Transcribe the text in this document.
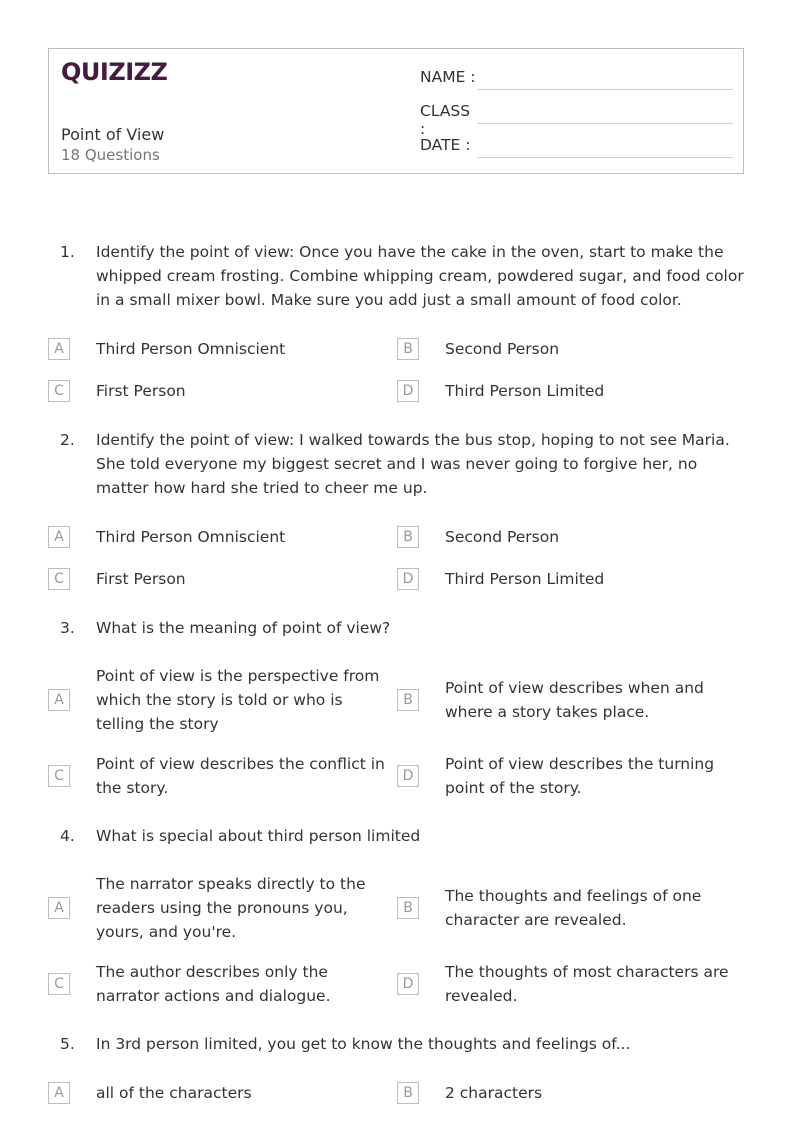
QUIZIZZ
Point of View
18 Questions
NAME :
CLASS :
DATE :
1. Identify the point of view: Once you have the cake in the oven, start to make the whipped cream frosting. Combine whipping cream, powdered sugar, and food color in a small mixer bowl. Make sure you add just a small amount of food color.
A	Third Person Omniscient	B	Second Person
C	First Person	D	Third Person Limited
2. Identify the point of view: I walked towards the bus stop, hoping to not see Maria. She told everyone my biggest secret and I was never going to forgive her, no matter how hard she tried to cheer me up.
A	Third Person Omniscient	B	Second Person
C	First Person	D	Third Person Limited
3. What is the meaning of point of view?
A
Point of view is the perspective from which the story is told or who is telling the story
B
Point of view describes when and where a story takes place.
C
Point of view describes the conflict in the story.
D
Point of view describes the turning point of the story.
4. What is special about third person limited
A
The narrator speaks directly to the readers using the pronouns you, yours, and you're.
B
The thoughts and feelings of one character are revealed.
C
The author describes only the narrator actions and dialogue.
D
The thoughts of most characters are revealed.
5. In 3rd person limited, you get to know the thoughts and feelings of...
A	all of the characters	B	2 characters
